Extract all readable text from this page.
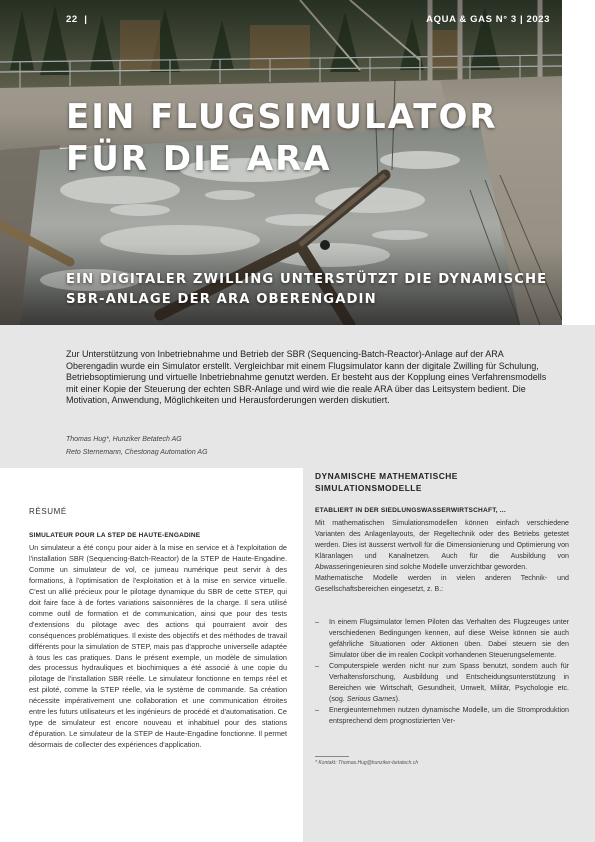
22 |	AQUA & GAS N° 3 | 2023
EIN FLUGSIMULATOR
FÜR DIE ARA
EIN DIGITALER ZWILLING UNTERSTÜTZT DIE DYNAMISCHE
SBR-ANLAGE DER ARA OBERENGADIN

Zur Unterstützung von Inbetriebnahme und Betrieb der SBR (Sequencing-Batch-Reactor)-Anlage auf der ARA Oberengadin wurde ein Simulator erstellt. Vergleichbar mit einem Flugsimulator kann der digitale Zwilling für Schulung, Betriebsoptimierung und virtuelle Inbetriebnahme genutzt werden. Er besteht aus der Kopplung eines Verfahrensmodells mit einer Kopie der Steuerung der echten SBR-Anlage und wird wie die reale ARA über das Leitsystem bedient. Die Motivation, Anwendung, Möglichkeiten und Herausforderungen werden diskutiert.

Thomas Hug*, Hunziker Betatech AG
Reto Sternemann, Chestonag Automation AG
RÉSUMÉ
SIMULATEUR POUR LA STEP DE HAUTE-ENGADINE

Un simulateur a été conçu pour aider à la mise en service et à l'exploitation de l'installation SBR (Sequencing-Batch-Reactor) de la STEP de Haute-Engadine. Comme un simulateur de vol, ce jumeau numérique peut servir à des formations, à l'optimisation de l'exploitation et à la mise en service virtuelle. C'est un allié précieux pour le pilotage dynamique du SBR de cette STEP, qui doit faire face à de fortes variations saisonnières de la charge. Il sera utilisé comme outil de formation et de communication, ainsi que pour des tests d'extensions du pilotage avec des actions qui pourraient avoir des conséquences problématiques. Il existe des objectifs et des méthodes de travail différents pour la simulation de STEP, mais pas d'approche universelle adaptée à tous les cas pratiques. Dans le présent exemple, un modèle de simulation des processus hydrauliques et biochimiques a été associé à une copie du pilotage de l'installation SBR réelle. Le simulateur fonctionne en temps réel et est piloté, comme la STEP réelle, via le système de commande. Sa création nécessite impérativement une collaboration et une communication étroites entre les futurs utilisateurs et les ingénieurs de procédé et d'automatisation. Ce type de simulateur est encore nouveau et inhabituel pour des stations d'épuration. Le simulateur de la STEP de Haute-Engadine fonctionne. Il permet désormais de collecter des expériences d'application.

DYNAMISCHE MATHEMATISCHE
SIMULATIONSMODELLE
ETABLIERT IN DER SIEDLUNGSWASSERWIRTSCHAFT, ...

Mit mathematischen Simulationsmodellen können einfach verschiedene Varianten des Anlagenlayouts, der Regeltechnik oder des Betriebs getestet werden. Dies ist äusserst wertvoll für die Dimensionierung und Optimierung von Kläranlagen und Kanalnetzen. Auch für die Ausbildung von Abwasseringenieuren sind solche Modelle unverzichtbar geworden.
Mathematische Modelle werden in vielen anderen Technik- und Gesellschaftsbereichen eingesetzt, z. B.:

– In einem Flugsimulator lernen Piloten das Verhalten des Flugzeuges unter verschiedenen Bedingungen kennen, auf diese Weise können sie auch gefährliche Situationen oder Aktionen üben. Dabei steuern sie den Simulator über die im realen Cockpit vorhandenen Steuerungselemente.
– Computerspiele werden nicht nur zum Spass benutzt, sondern auch für Verhaltensforschung, Ausbildung und Entscheidungsunterstützung in Bereichen wie Wirtschaft, Gesundheit, Umwelt, Militär, Psychologie etc. (sog. Serious Games).
– Energieunternehmen nutzen dynamische Modelle, um die Stromproduktion entsprechend dem prognostizierten Ver-

* Kontakt: Thomas.Hug@hunziker-betatech.ch
